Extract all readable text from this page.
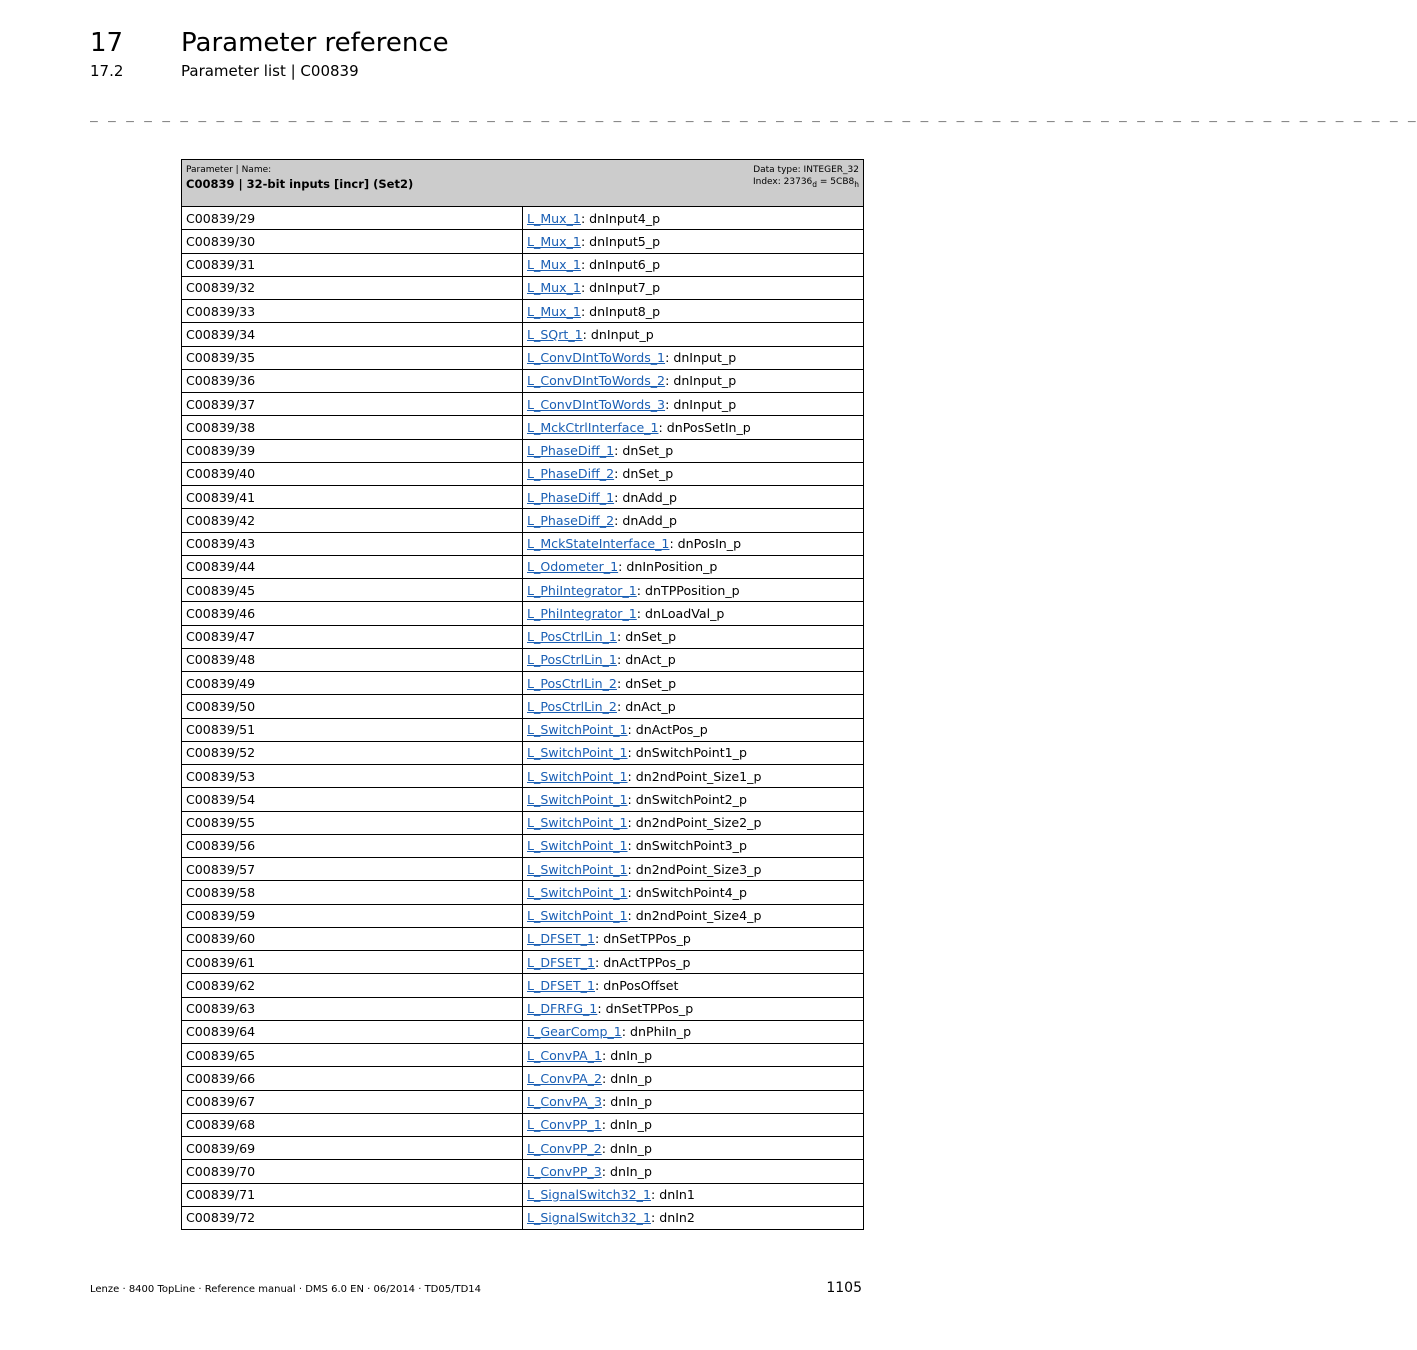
17 Parameter reference
17.2	Parameter list | C00839
_ _ _ _ _ _ _ _ _ _ _ _ _ _ _ _ _ _ _ _ _ _ _ _ _ _ _ _ _ _ _ _ _ _ _ _ _ _ _ _ _ _ _ _ _ _ _ _ _ _ _ _ _ _ _ _ _ _ _ _ _ _ _ _ _ _ _ _ _ _ _ _ _ _
Parameter | Name:
C00839 | 32-bit inputs [incr] (Set2)
Data type: INTEGER_32
Index: $23736_d = 5CB8_h$

C00839/29	L_Mux_1: dnInput4_p
C00839/30	L_Mux_1: dnInput5_p
C00839/31	L_Mux_1: dnInput6_p
C00839/32	L_Mux_1: dnInput7_p
C00839/33	L_Mux_1: dnInput8_p
C00839/34	L_SQrt_1: dnInput_p
C00839/35	L_ConvDIntToWords_1: dnInput_p
C00839/36	L_ConvDIntToWords_2: dnInput_p
C00839/37	L_ConvDIntToWords_3: dnInput_p
C00839/38	L_MckCtrlInterface_1: dnPosSetIn_p
C00839/39	L_PhaseDiff_1: dnSet_p
C00839/40	L_PhaseDiff_2: dnSet_p
C00839/41	L_PhaseDiff_1: dnAdd_p
C00839/42	L_PhaseDiff_2: dnAdd_p
C00839/43	L_MckStateInterface_1: dnPosIn_p
C00839/44	L_Odometer_1: dnInPosition_p
C00839/45	L_PhiIntegrator_1: dnTPPosition_p
C00839/46	L_PhiIntegrator_1: dnLoadVal_p
C00839/47	L_PosCtrlLin_1: dnSet_p
C00839/48	L_PosCtrlLin_1: dnAct_p
C00839/49	L_PosCtrlLin_2: dnSet_p
C00839/50	L_PosCtrlLin_2: dnAct_p
C00839/51	L_SwitchPoint_1: dnActPos_p
C00839/52	L_SwitchPoint_1: dnSwitchPoint1_p
C00839/53	L_SwitchPoint_1: dn2ndPoint_Size1_p
C00839/54	L_SwitchPoint_1: dnSwitchPoint2_p
C00839/55	L_SwitchPoint_1: dn2ndPoint_Size2_p
C00839/56	L_SwitchPoint_1: dnSwitchPoint3_p
C00839/57	L_SwitchPoint_1: dn2ndPoint_Size3_p
C00839/58	L_SwitchPoint_1: dnSwitchPoint4_p
C00839/59	L_SwitchPoint_1: dn2ndPoint_Size4_p
C00839/60	L_DFSET_1: dnSetTPPos_p
C00839/61	L_DFSET_1: dnActTPPos_p
C00839/62	L_DFSET_1: dnPosOffset
C00839/63	L_DFRFG_1: dnSetTPPos_p
C00839/64	L_GearComp_1: dnPhiIn_p
C00839/65	L_ConvPA_1: dnIn_p
C00839/66	L_ConvPA_2: dnIn_p
C00839/67	L_ConvPA_3: dnIn_p
C00839/68	L_ConvPP_1: dnIn_p
C00839/69	L_ConvPP_2: dnIn_p
C00839/70	L_ConvPP_3: dnIn_p
C00839/71	L_SignalSwitch32_1: dnIn1
C00839/72	L_SignalSwitch32_1: dnIn2
Lenze · 8400 TopLine · Reference manual · DMS 6.0 EN · 06/2014 · TD05/TD14	1105
